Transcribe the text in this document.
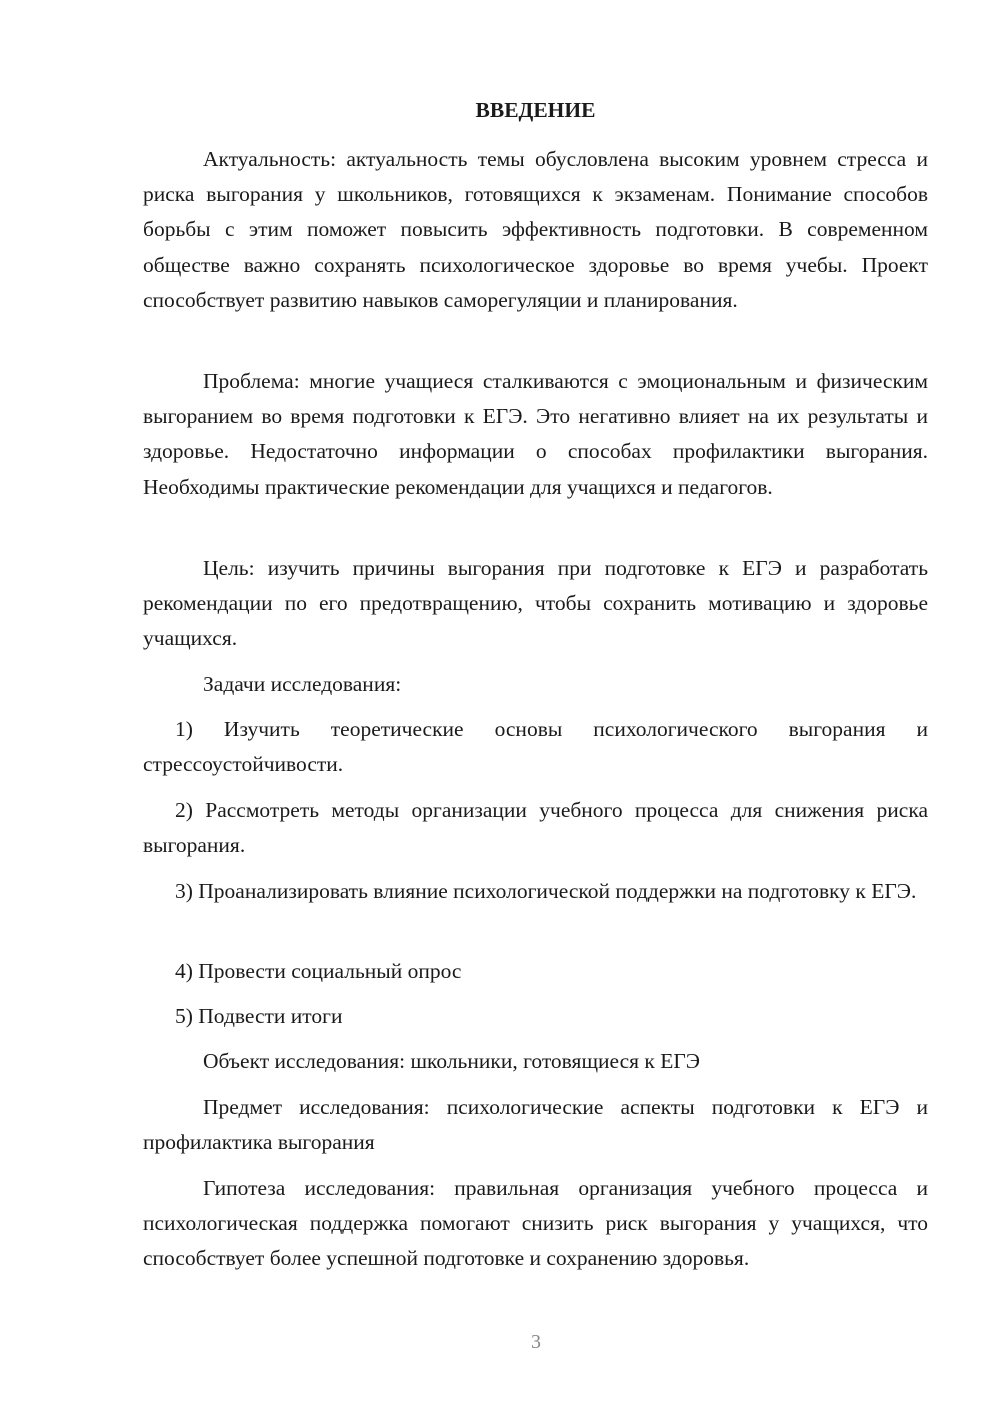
ВВЕДЕНИЕ

Актуальность: актуальность темы обусловлена высоким уровнем стресса и риска выгорания у школьников, готовящихся к экзаменам. Понимание способов борьбы с этим поможет повысить эффективность подготовки. В современном обществе важно сохранять психологическое здоровье во время учебы. Проект способствует развитию навыков саморегуляции и планирования.

Проблема: многие учащиеся сталкиваются с эмоциональным и физическим выгоранием во время подготовки к ЕГЭ. Это негативно влияет на их результаты и здоровье. Недостаточно информации о способах профилактики выгорания. Необходимы практические рекомендации для учащихся и педагогов.

Цель: изучить причины выгорания при подготовке к ЕГЭ и разработать рекомендации по его предотвращению, чтобы сохранить мотивацию и здоровье учащихся.

Задачи исследования:

1) Изучить теоретические основы психологического выгорания и стрессоустойчивости.

2) Рассмотреть методы организации учебного процесса для снижения риска выгорания.

3) Проанализировать влияние психологической поддержки на подготовку к ЕГЭ.

4) Провести социальный опрос

5) Подвести итоги

Объект исследования: школьники, готовящиеся к ЕГЭ

Предмет исследования: психологические аспекты подготовки к ЕГЭ и профилактика выгорания

Гипотеза исследования: правильная организация учебного процесса и психологическая поддержка помогают снизить риск выгорания у учащихся, что способствует более успешной подготовке и сохранению здоровья.

3
